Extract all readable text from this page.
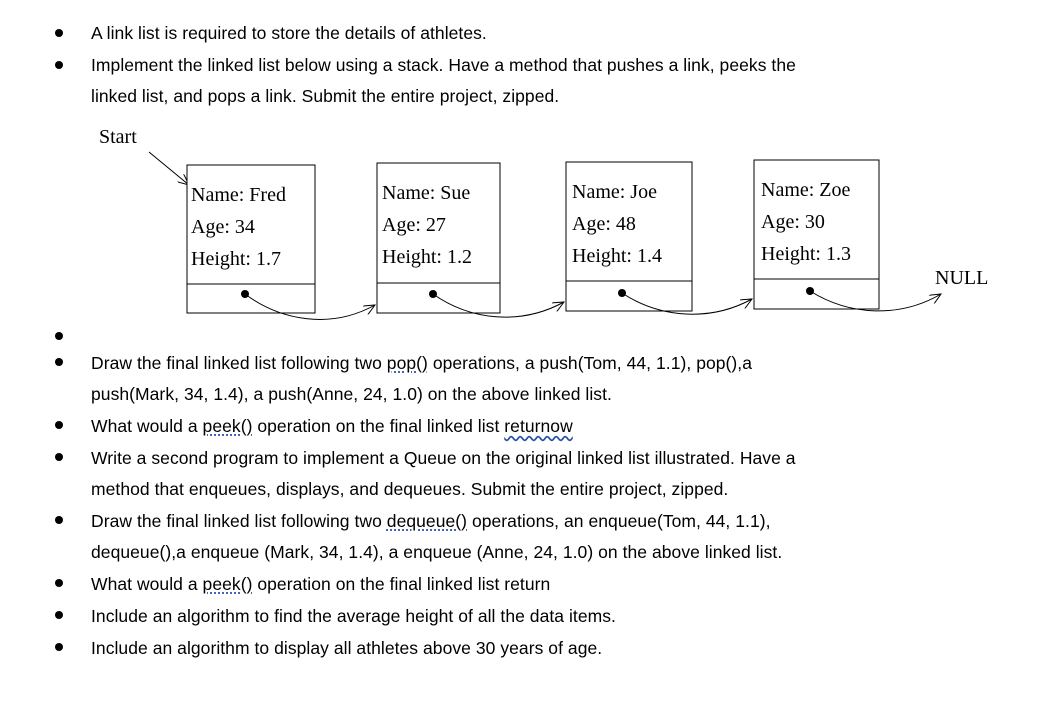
A link list is required to store the details of athletes.
Implement the linked list below using a stack. Have a method that pushes a link, peeks the
linked list, and pops a link. Submit the entire project, zipped.
Start
Name: Fred
Age: 34
Height: 1.7
Name: Sue
Age: 27
Height: 1.2
Name: Joe
Age: 48
Height: 1.4
Name: Zoe
Age: 30
Height: 1.3
NULL
Draw the final linked list following two pop() operations, a push(Tom, 44, 1.1), pop(),a
push(Mark, 34, 1.4), a push(Anne, 24, 1.0) on the above linked list.
What would a peek() operation on the final linked list returnow
Write a second program to implement a Queue on the original linked list illustrated. Have a
method that enqueues, displays, and dequeues. Submit the entire project, zipped.
Draw the final linked list following two dequeue() operations, an enqueue(Tom, 44, 1.1),
dequeue(),a enqueue (Mark, 34, 1.4), a enqueue (Anne, 24, 1.0) on the above linked list.
What would a peek() operation on the final linked list return
Include an algorithm to find the average height of all the data items.
Include an algorithm to display all athletes above 30 years of age.
